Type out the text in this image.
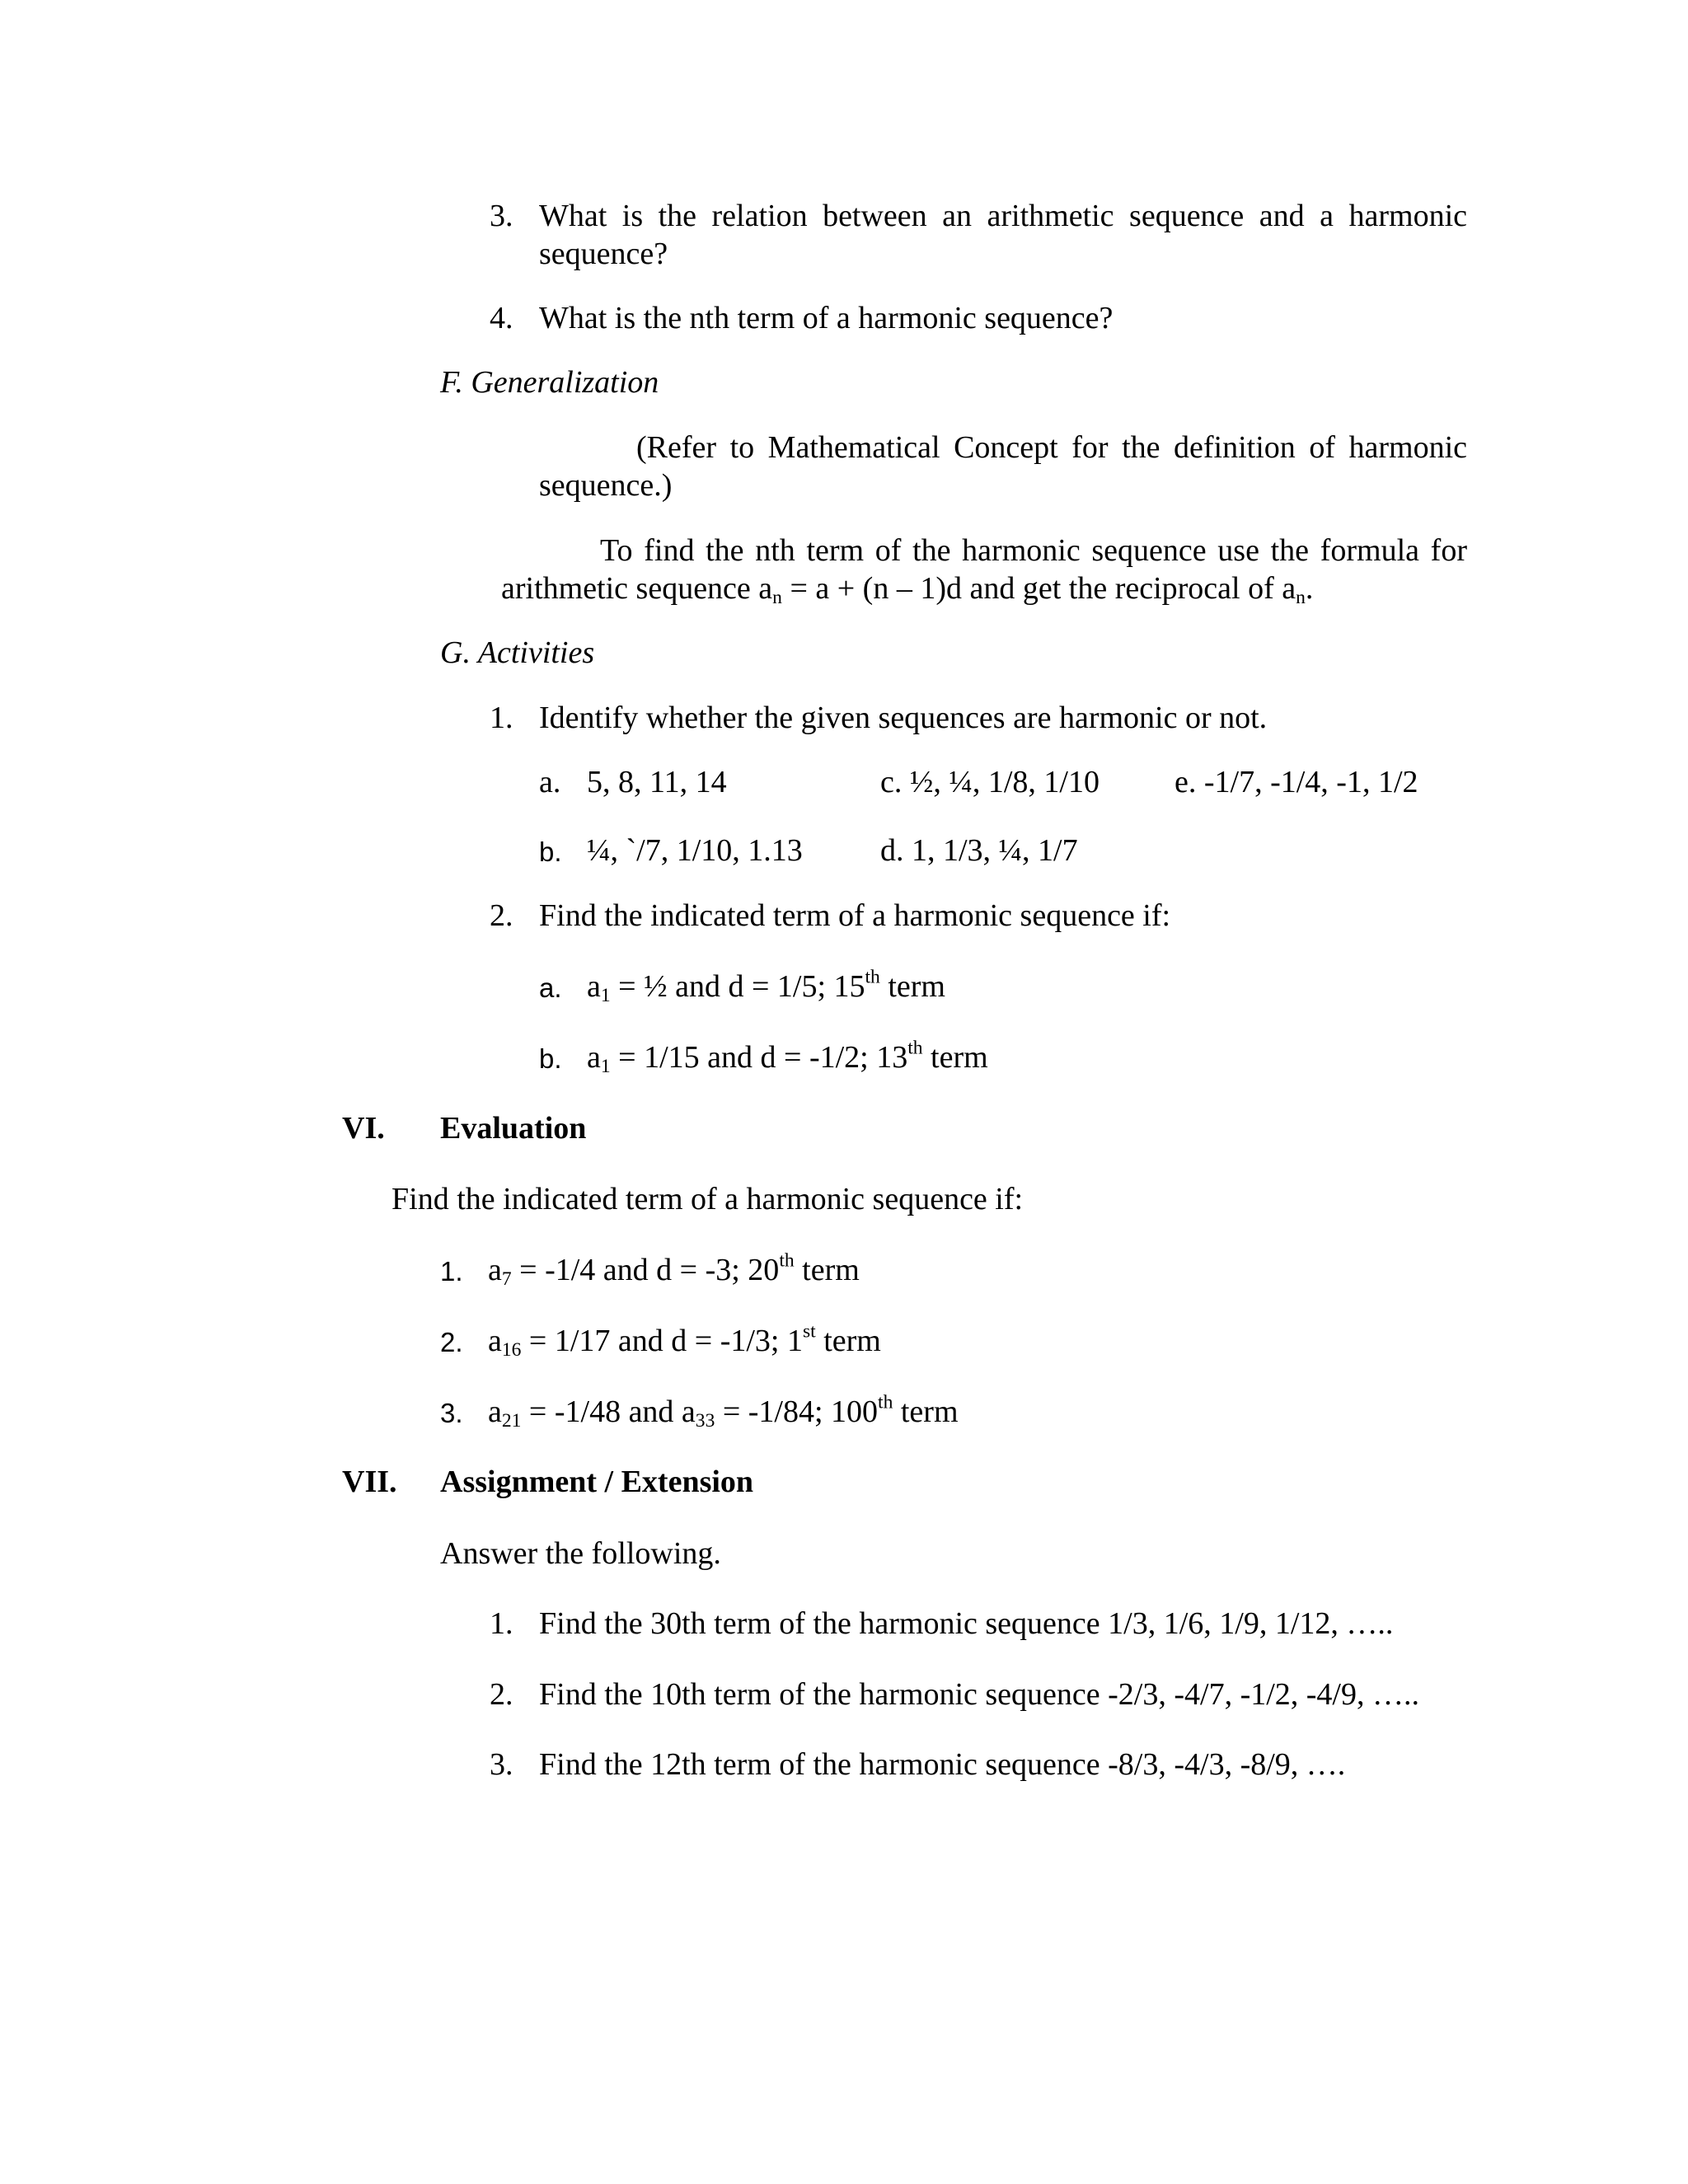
3. What is the relation between an arithmetic sequence and a harmonic
sequence?
4. What is the nth term of a harmonic sequence?
F. Generalization
(Refer to Mathematical Concept for the definition of harmonic
sequence.)
To find the nth term of the harmonic sequence use the formula for
arithmetic sequence $a_n = a + (n - 1)d$ and get the reciprocal of $a_n$.
G. Activities
1. Identify whether the given sequences are harmonic or not.
a. 5, 8, 11, 14	c. ½, ¼, 1/8, 1/10 e. -1/7, -1/4, -1, 1/2
b. ¼, `/7, 1/10, 1.13 d. 1, 1/3, ¼, 1/7
2. Find the indicated term of a harmonic sequence if:
a. $a_1$ = ½ and d = 1/5; 15th term
b. $a_1 = 1/15$ and d = -1/2; 13th term
VI. Evaluation
Find the indicated term of a harmonic sequence if:
1. $a_7 = -1/4$ and d = -3; 20th term
2. $a_{16} = 1/17$ and d = -1/3; 1st term
3. $a_{21} = -1/48$ and $a_{33} = -1/84$; 100th term
VII. Assignment / Extension
Answer the following.
1. Find the 30th term of the harmonic sequence 1/3, 1/6, 1/9, 1/12, …..
2. Find the 10th term of the harmonic sequence -2/3, -4/7, -1/2, -4/9, …..
3. Find the 12th term of the harmonic sequence -8/3, -4/3, -8/9, ….
